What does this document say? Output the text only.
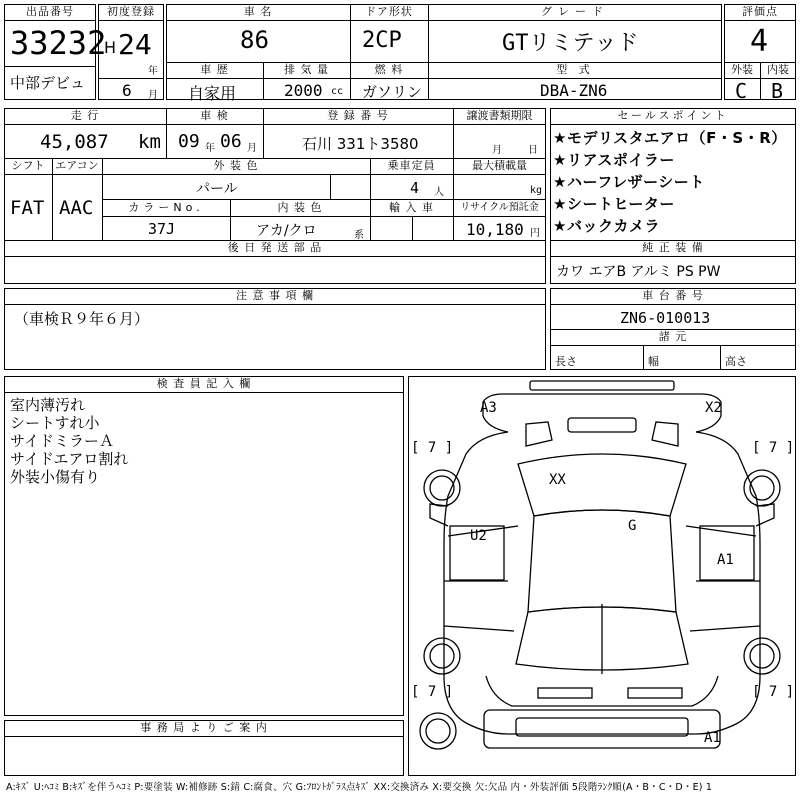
出品番号
33232
中部デビュ
初度登録
H 24
年
6 月
車 名
86
ドア形状
2CP
グレード
GTリミテッド
車 歴
自家用
排 気 量
2000 cc
燃 料
ガソリン
型 式
DBA-ZN6
評価点
4
外装	内装
C B
走 行
45,087 km
車 検
09 年 06 月
登 録 番 号
石川 331ト3580
譲渡書類期限
月	日
シフト
FAT
エアコン
AAC
外 装 色
パール
乗車定員
4 人
最大積載量
kg
カラーNo.
37J
内 装 色
アカ/クロ	系
輸 入 車	リサイクル預託金
10,180 円
後 日 発 送 部 品
セールスポイント
★モデリスタエアロ（F・S・R）
★リアスポイラー
★ハーフレザーシート
★シートヒーター
★バックカメラ
純 正 装 備
カワ エアB アルミ PS PW
注 意 事 項 欄
（車検Ｒ９年６月）
車 台 番 号
ZN6-010013
諸 元
長さ	幅	高さ
検 査 員 記 入 欄
室内薄汚れ
シートすれ小
サイドミラーＡ
サイドエアロ割れ
外装小傷有り
事 務 局 よ り ご 案 内
A3	X2
XX
G
U2
A1
A1
[ 7 ]	[ 7 ]
[ 7 ]	[ 7 ]
A:ｷｽﾞ U:ﾍｺﾐ B:ｷｽﾞを伴うﾍｺﾐ P:要塗装 W:補修跡 S:錆 C:腐食、穴 G:ﾌﾛﾝﾄｶﾞﾗｽ点ｷｽﾞ XX:交換済み X:要交換 欠:欠品 内・外装評価 5段階ﾗﾝｸ順(A・B・C・D・E) 1
